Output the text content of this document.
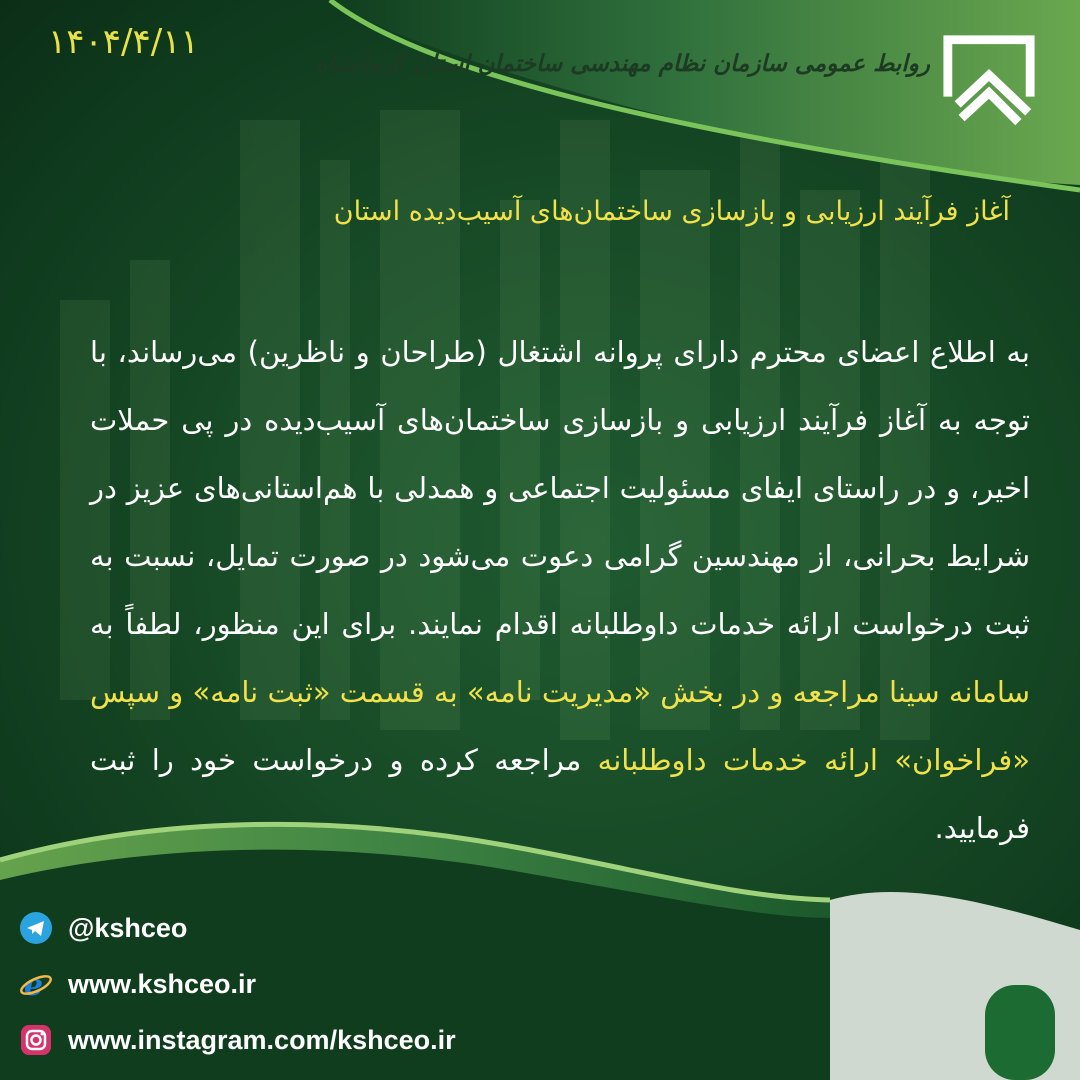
۱۴۰۴/۴/۱۱
روابط عمومی سازمان نظام مهندسی ساختمان استان کرمانشاه
آغاز فرآیند ارزیابی و بازسازی ساختمان‌های آسیب‌دیده استان
به اطلاع اعضای محترم دارای پروانه اشتغال (طراحان و ناظرین) می‌رساند، با توجه به آغاز فرآیند ارزیابی و بازسازی ساختمان‌های آسیب‌دیده در پی حملات اخیر، و در راستای ایفای مسئولیت اجتماعی و همدلی با هم‌استانی‌های عزیز در شرایط بحرانی، از مهندسین گرامی دعوت می‌شود در صورت تمایل، نسبت به ثبت درخواست ارائه خدمات داوطلبانه اقدام نمایند. برای این منظور، لطفاً به سامانه سینا مراجعه و در بخش «مدیریت نامه» به قسمت «ثبت نامه» و سپس «فراخوان» ارائه خدمات داوطلبانه مراجعه کرده و درخواست خود را ثبت فرمایید.
@kshceo
e www.kshceo.ir
www.instagram.com/kshceo.ir
